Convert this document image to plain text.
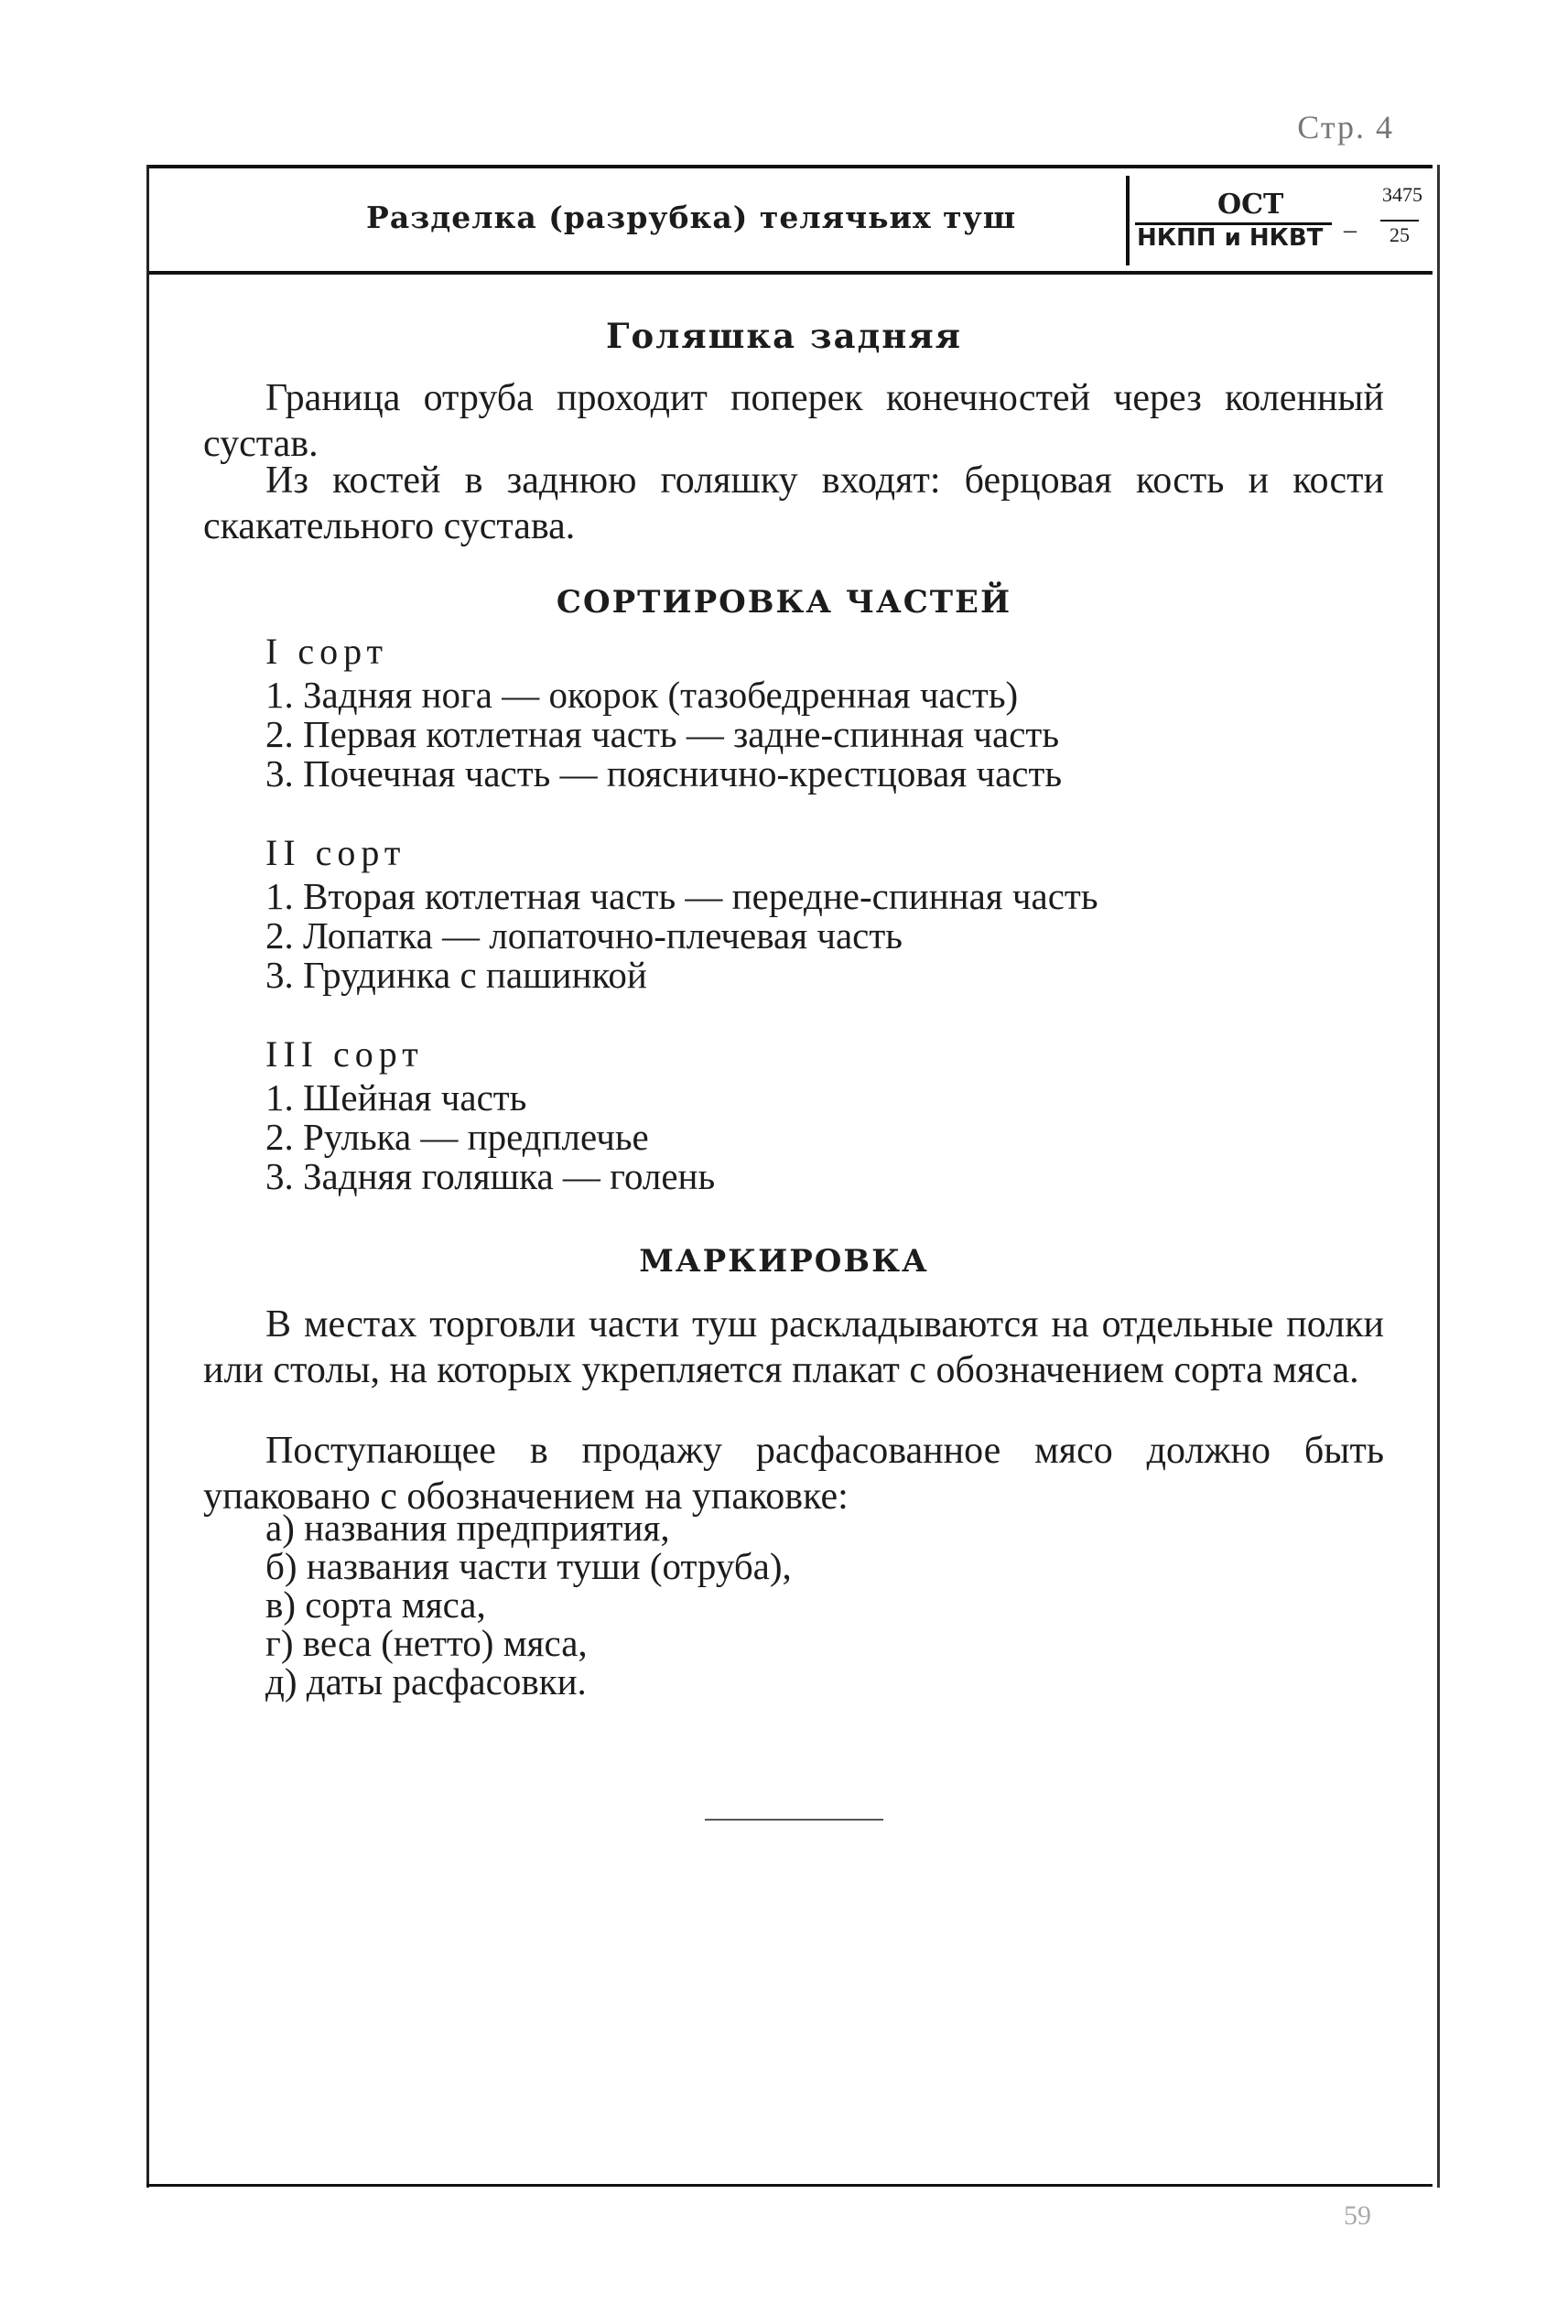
Стр. 4
Разделка (разрубка) телячьих туш	ОСТ
НКПП и НКВТ –
3475
25
Голяшка задняя
Граница отруба проходит поперек конечностей через коленный сустав.
Из костей в заднюю голяшку входят: берцовая кость и кости скакательного сустава.
СОРТИРОВКА ЧАСТЕЙ
I сорт
1. Задняя нога — окорок (тазобедренная часть)
2. Первая котлетная часть — задне-спинная часть
3. Почечная часть — пояснично-крестцовая часть
II сорт
1. Вторая котлетная часть — передне-спинная часть
2. Лопатка — лопаточно-плечевая часть
3. Грудинка с пашинкой
III сорт
1. Шейная часть
2. Рулька — предплечье
3. Задняя голяшка — голень
МАРКИРОВКА
В местах торговли части туш раскладываются на отдельные полки или столы, на которых укрепляется плакат с обозначением сорта мяса.
Поступающее в продажу расфасованное мясо должно быть упаковано с обозначением на упаковке:
а) названия предприятия,
б) названия части туши (отруба),
в) сорта мяса,
г) веса (нетто) мяса,
д) даты расфасовки.
59
